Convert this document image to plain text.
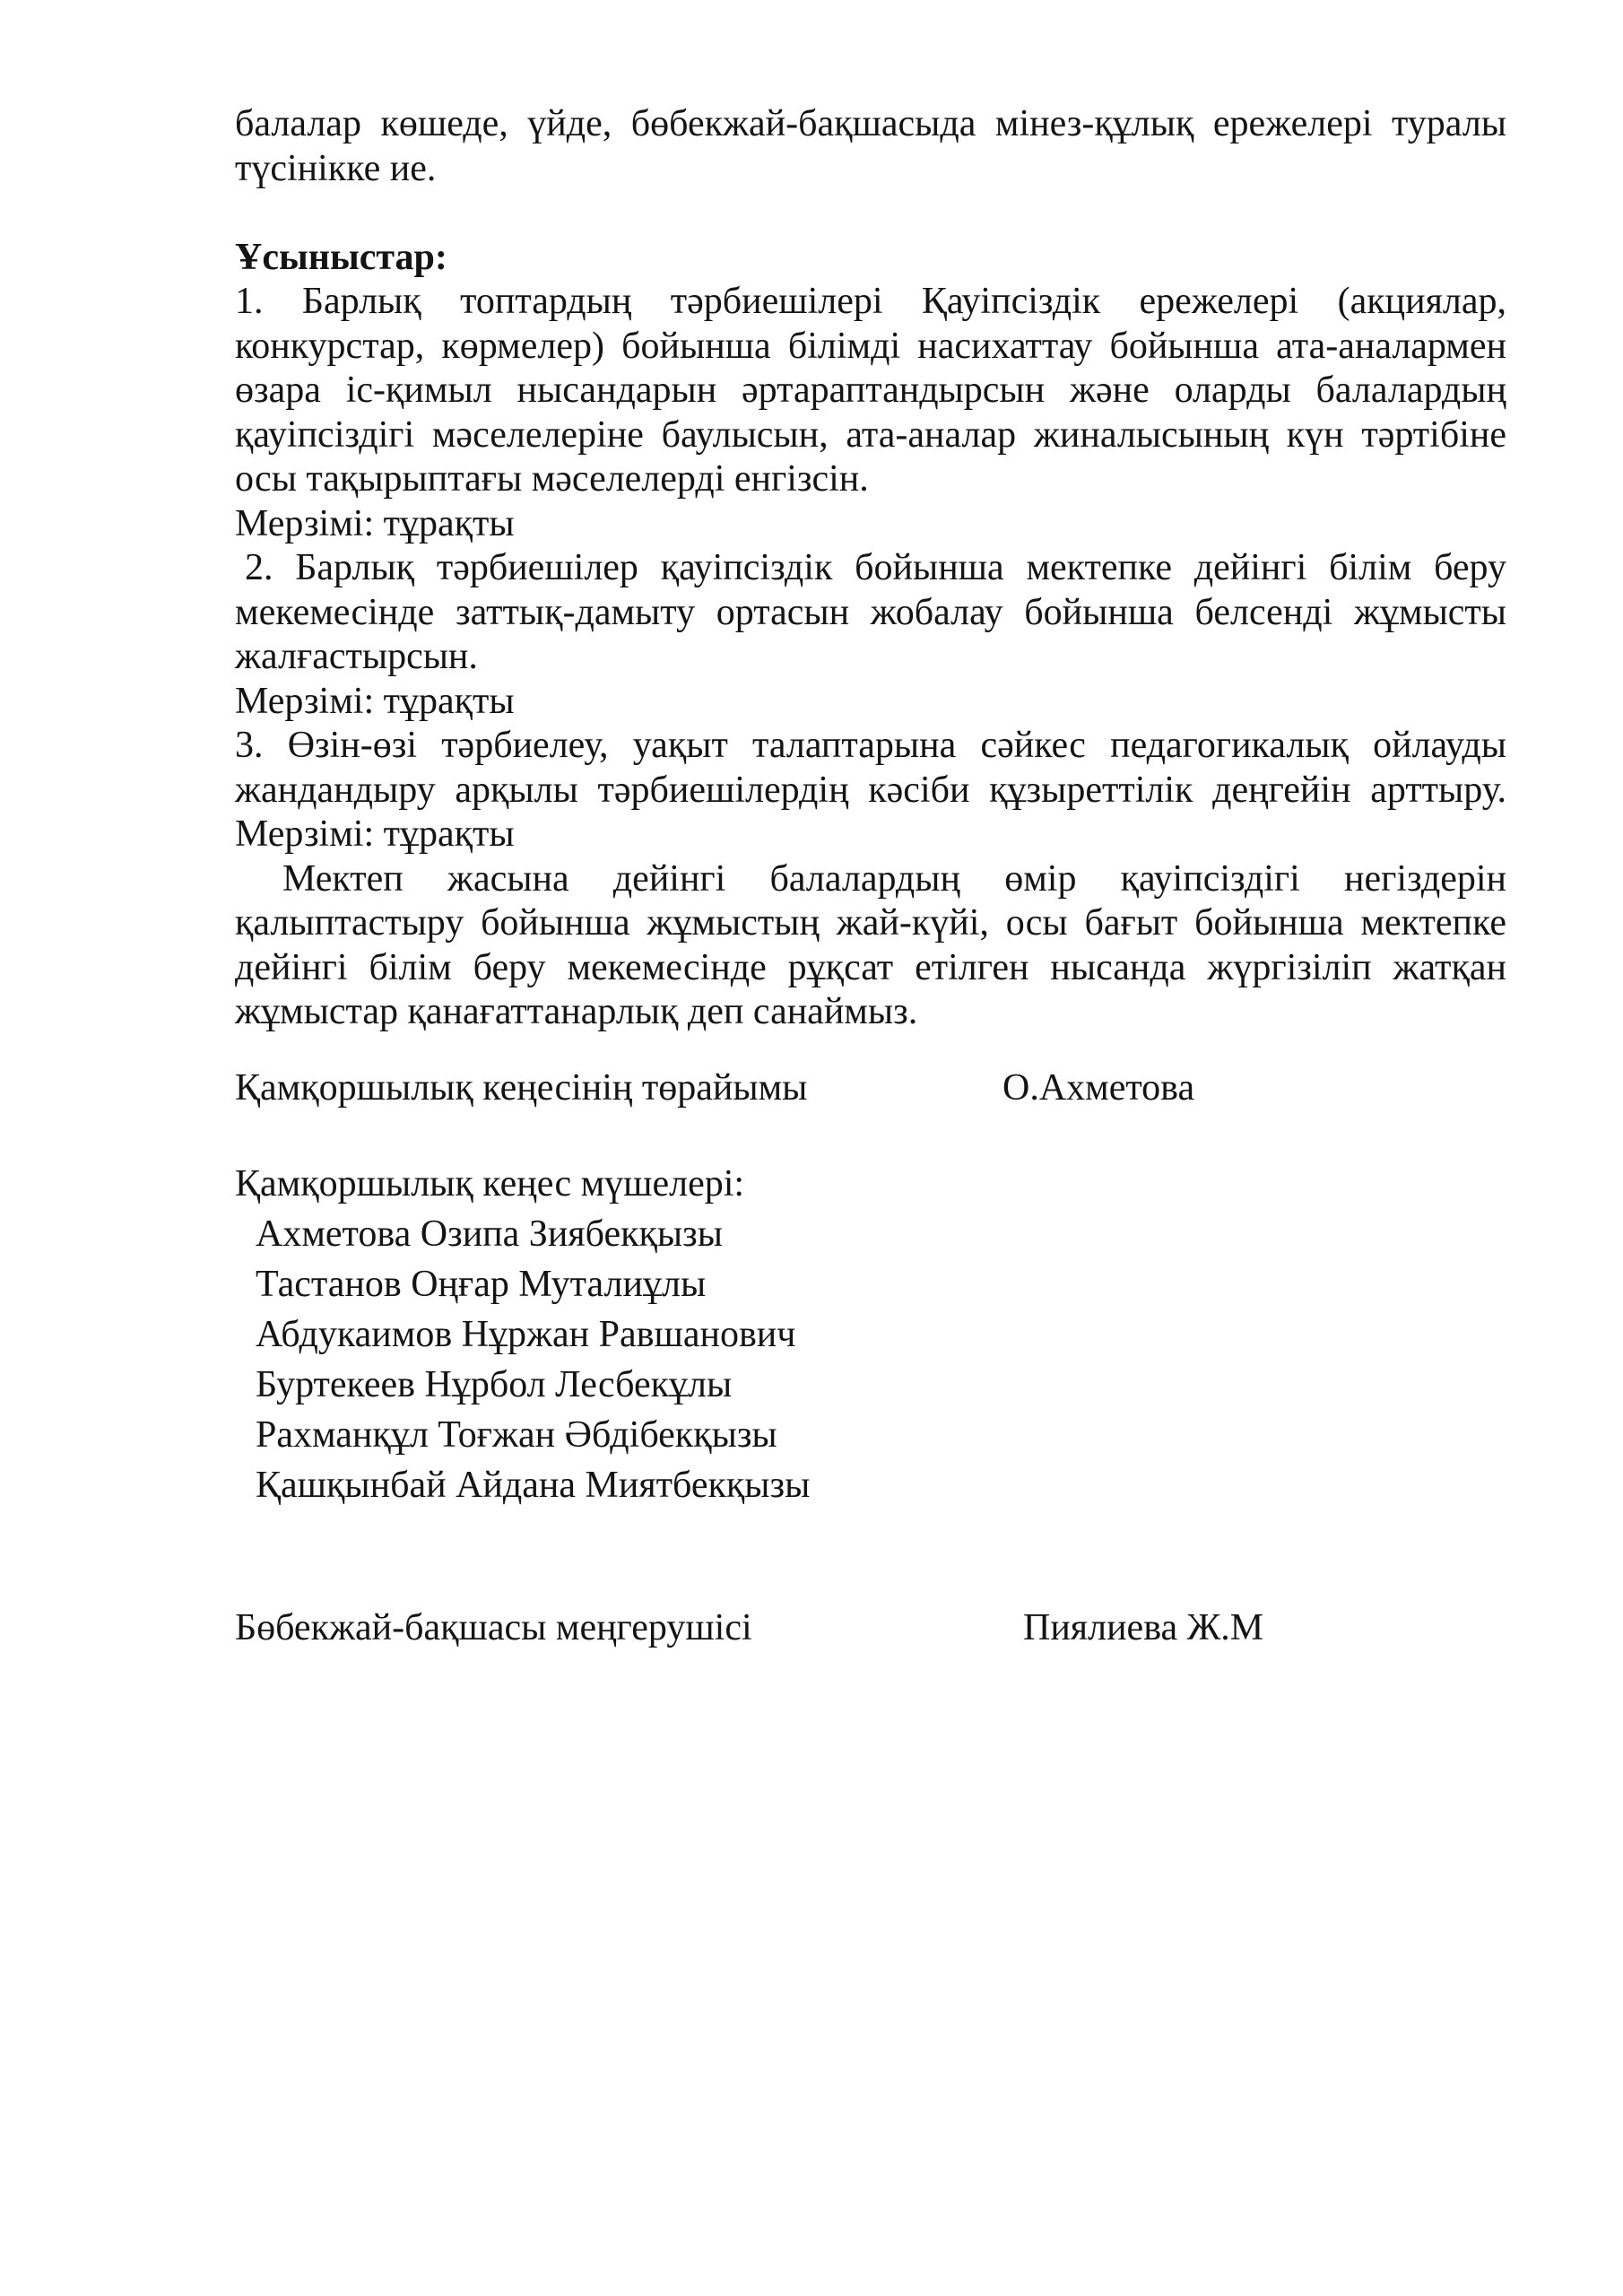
балалар көшеде, үйде, бөбекжай-бақшасыда мінез-құлық ережелері туралы
түсінікке ие.
Ұсыныстар:
1. Барлық топтардың тәрбиешілері Қауіпсіздік ережелері (акциялар,
конкурстар, көрмелер) бойынша білімді насихаттау бойынша ата-аналармен
өзара іс-қимыл нысандарын әртараптандырсын және оларды балалардың
қауіпсіздігі мәселелеріне баулысын, ата-аналар жиналысының күн тәртібіне
осы тақырыптағы мәселелерді енгізсін.
Мерзімі: тұрақты
2. Барлық тәрбиешілер қауіпсіздік бойынша мектепке дейінгі білім беру
мекемесінде заттық-дамыту ортасын жобалау бойынша белсенді жұмысты
жалғастырсын.
Мерзімі: тұрақты
3. Өзін-өзі тәрбиелеу, уақыт талаптарына сәйкес педагогикалық ойлауды
жандандыру арқылы тәрбиешілердің кәсіби құзыреттілік деңгейін арттыру.
Мерзімі: тұрақты
Мектеп жасына дейінгі балалардың өмір қауіпсіздігі негіздерін
қалыптастыру бойынша жұмыстың жай-күйі, осы бағыт бойынша мектепке
дейінгі білім беру мекемесінде рұқсат етілген нысанда жүргізіліп жатқан
жұмыстар қанағаттанарлық деп санаймыз.
Қамқоршылық кеңесінің төрайымы	О.Ахметова
Қамқоршылық кеңес мүшелері:
Ахметова Озипа Зиябекқызы
Тастанов Оңғар Муталиұлы
Абдукаимов Нұржан Равшанович
Буртекеев Нұрбол Лесбекұлы
Рахманқұл Тоғжан Әбдібекқызы
Қашқынбай Айдана Миятбекқызы
Бөбекжай-бақшасы меңгерушісі	Пиялиева Ж.М
